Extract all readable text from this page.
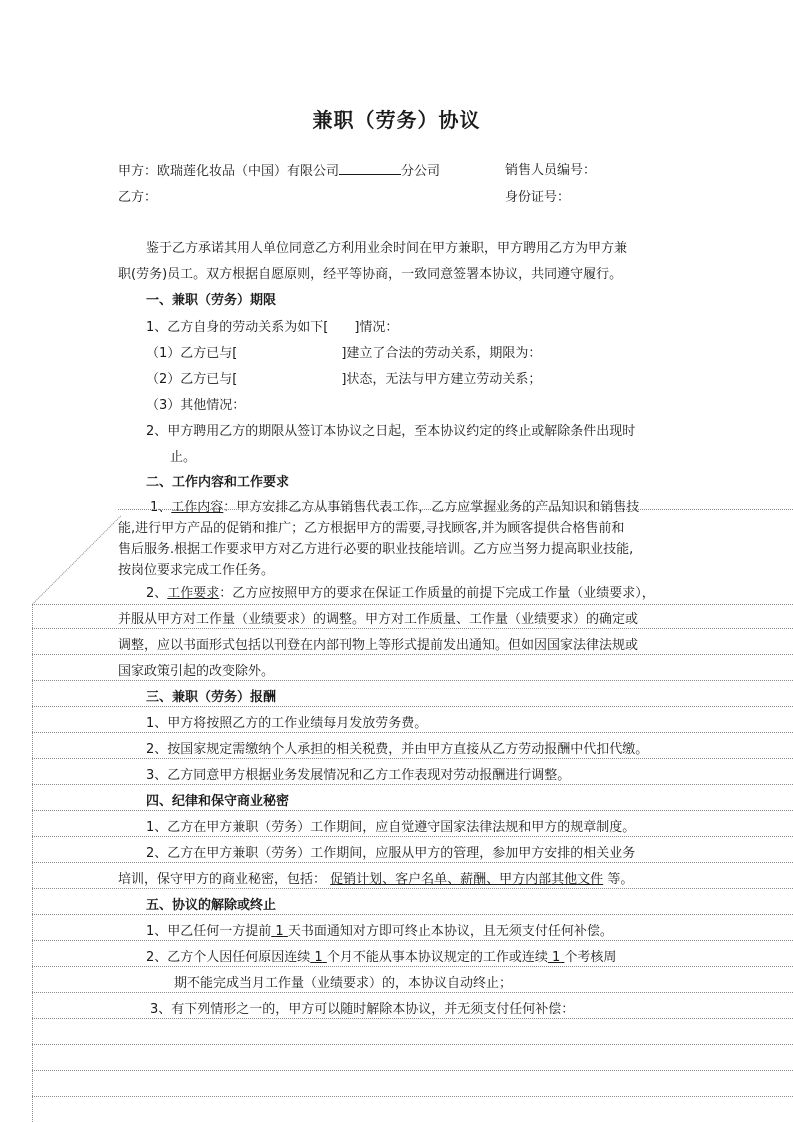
兼职（劳务）协议
甲方：欧瑞莲化妆品（中国）有限公司	分公司	销售人员编号：
乙方：	身份证号：
鉴于乙方承诺其用人单位同意乙方利用业余时间在甲方兼职，甲方聘用乙方为甲方兼
职(劳务)员工。双方根据自愿原则，经平等协商，一致同意签署本协议，共同遵守履行。
一、兼职（劳务）期限
1、乙方自身的劳动关系为如下[　　]情况：
（1）乙方已与[　　　　　　　　]建立了合法的劳动关系，期限为：
（2）乙方已与[　　　　　　　　]状态，无法与甲方建立劳动关系；
（3）其他情况：
2、甲方聘用乙方的期限从签订本协议之日起，至本协议约定的终止或解除条件出现时
止。
二、工作内容和工作要求
1、工作内容：甲方安排乙方从事销售代表工作，乙方应掌握业务的产品知识和销售技
能,进行甲方产品的促销和推广；乙方根据甲方的需要,寻找顾客,并为顾客提供合格售前和
售后服务.根据工作要求甲方对乙方进行必要的职业技能培训。乙方应当努力提高职业技能,
按岗位要求完成工作任务。
2、工作要求：乙方应按照甲方的要求在保证工作质量的前提下完成工作量（业绩要求），
并服从甲方对工作量（业绩要求）的调整。甲方对工作质量、工作量（业绩要求）的确定或
调整，应以书面形式包括以刊登在内部刊物上等形式提前发出通知。但如因国家法律法规或
国家政策引起的改变除外。
三、兼职（劳务）报酬
1、甲方将按照乙方的工作业绩每月发放劳务费。
2、按国家规定需缴纳个人承担的相关税费，并由甲方直接从乙方劳动报酬中代扣代缴。
3、乙方同意甲方根据业务发展情况和乙方工作表现对劳动报酬进行调整。
四、纪律和保守商业秘密
1、乙方在甲方兼职（劳务）工作期间，应自觉遵守国家法律法规和甲方的规章制度。
2、乙方在甲方兼职（劳务）工作期间，应服从甲方的管理，参加甲方安排的相关业务
培训，保守甲方的商业秘密，包括： 促销计划、客户名单、薪酬、甲方内部其他文件 等。
五、协议的解除或终止
1、甲乙任何一方提前 1 天书面通知对方即可终止本协议，且无须支付任何补偿。
2、乙方个人因任何原因连续 1 个月不能从事本协议规定的工作或连续 1 个考核周
期不能完成当月工作量（业绩要求）的，本协议自动终止；
3、有下列情形之一的，甲方可以随时解除本协议，并无须支付任何补偿：
